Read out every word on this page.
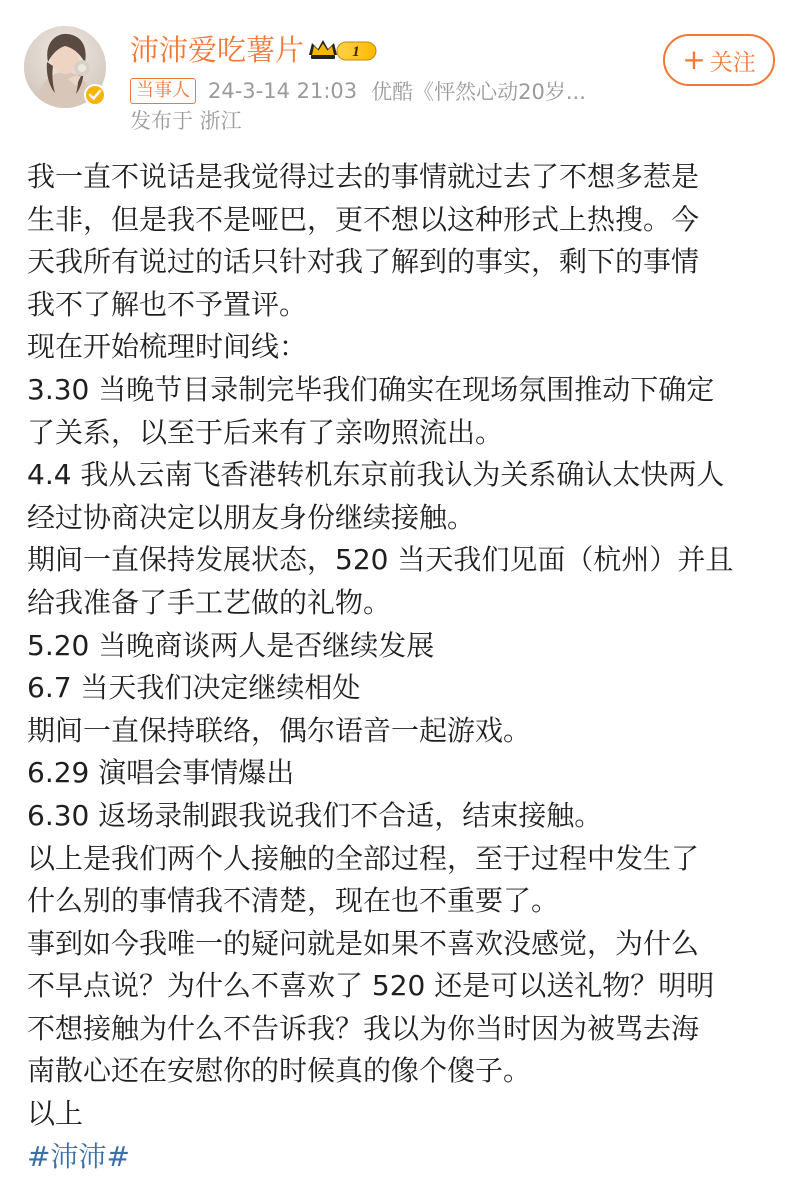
沛沛爱吃薯片	1
当事人 24-3-14 21:03 优酷《怦然心动20岁...
发布于 浙江
+ 关注
我一直不说话是我觉得过去的事情就过去了不想多惹是
生非，但是我不是哑巴，更不想以这种形式上热搜。今
天我所有说过的话只针对我了解到的事实，剩下的事情
我不了解也不予置评。
现在开始梳理时间线：
3.30 当晚节目录制完毕我们确实在现场氛围推动下确定
了关系，以至于后来有了亲吻照流出。
4.4 我从云南飞香港转机东京前我认为关系确认太快两人
经过协商决定以朋友身份继续接触。
期间一直保持发展状态，520 当天我们见面（杭州）并且
给我准备了手工艺做的礼物。
5.20 当晚商谈两人是否继续发展
6.7 当天我们决定继续相处
期间一直保持联络，偶尔语音一起游戏。
6.29 演唱会事情爆出
6.30 返场录制跟我说我们不合适，结束接触。
以上是我们两个人接触的全部过程，至于过程中发生了
什么别的事情我不清楚，现在也不重要了。
事到如今我唯一的疑问就是如果不喜欢没感觉，为什么
不早点说？为什么不喜欢了 520 还是可以送礼物？明明
不想接触为什么不告诉我？我以为你当时因为被骂去海
南散心还在安慰你的时候真的像个傻子。
以上
#沛沛#
